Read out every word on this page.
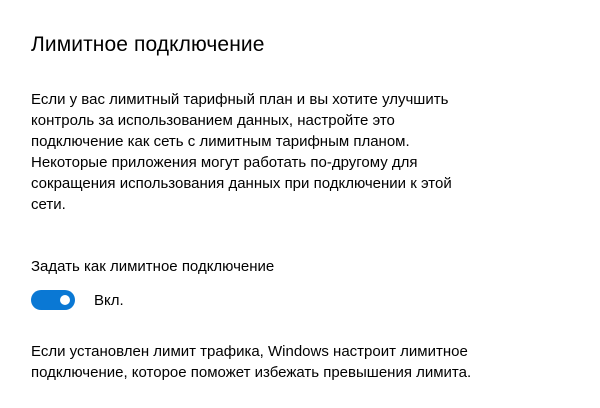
Лимитное подключение

Если у вас лимитный тарифный план и вы хотите улучшить
контроль за использованием данных, настройте это
подключение как сеть с лимитным тарифным планом.
Некоторые приложения могут работать по-другому для
сокращения использования данных при подключении к этой
сети.

Задать как лимитное подключение
Вкл.

Если установлен лимит трафика, Windows настроит лимитное
подключение, которое поможет избежать превышения лимита.
